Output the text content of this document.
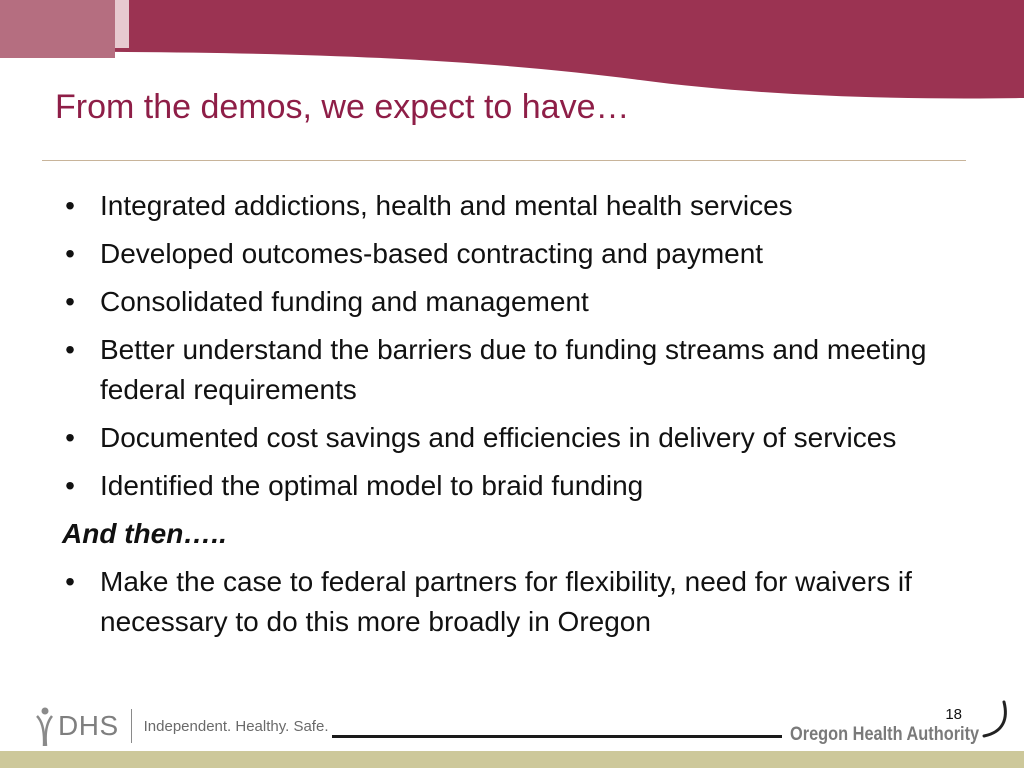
From the demos, we expect to have…
• Integrated addictions, health and mental health services
• Developed outcomes-based contracting and payment
• Consolidated funding and management
• Better understand the barriers due to funding streams and meeting federal requirements
• Documented cost savings and efficiencies in delivery of services
• Identified the optimal model to braid funding
And then…..
• Make the case to federal partners for flexibility, need for waivers if necessary to do this more broadly in Oregon
DHS Independent. Healthy. Safe.
18
Oregon Health Authority
